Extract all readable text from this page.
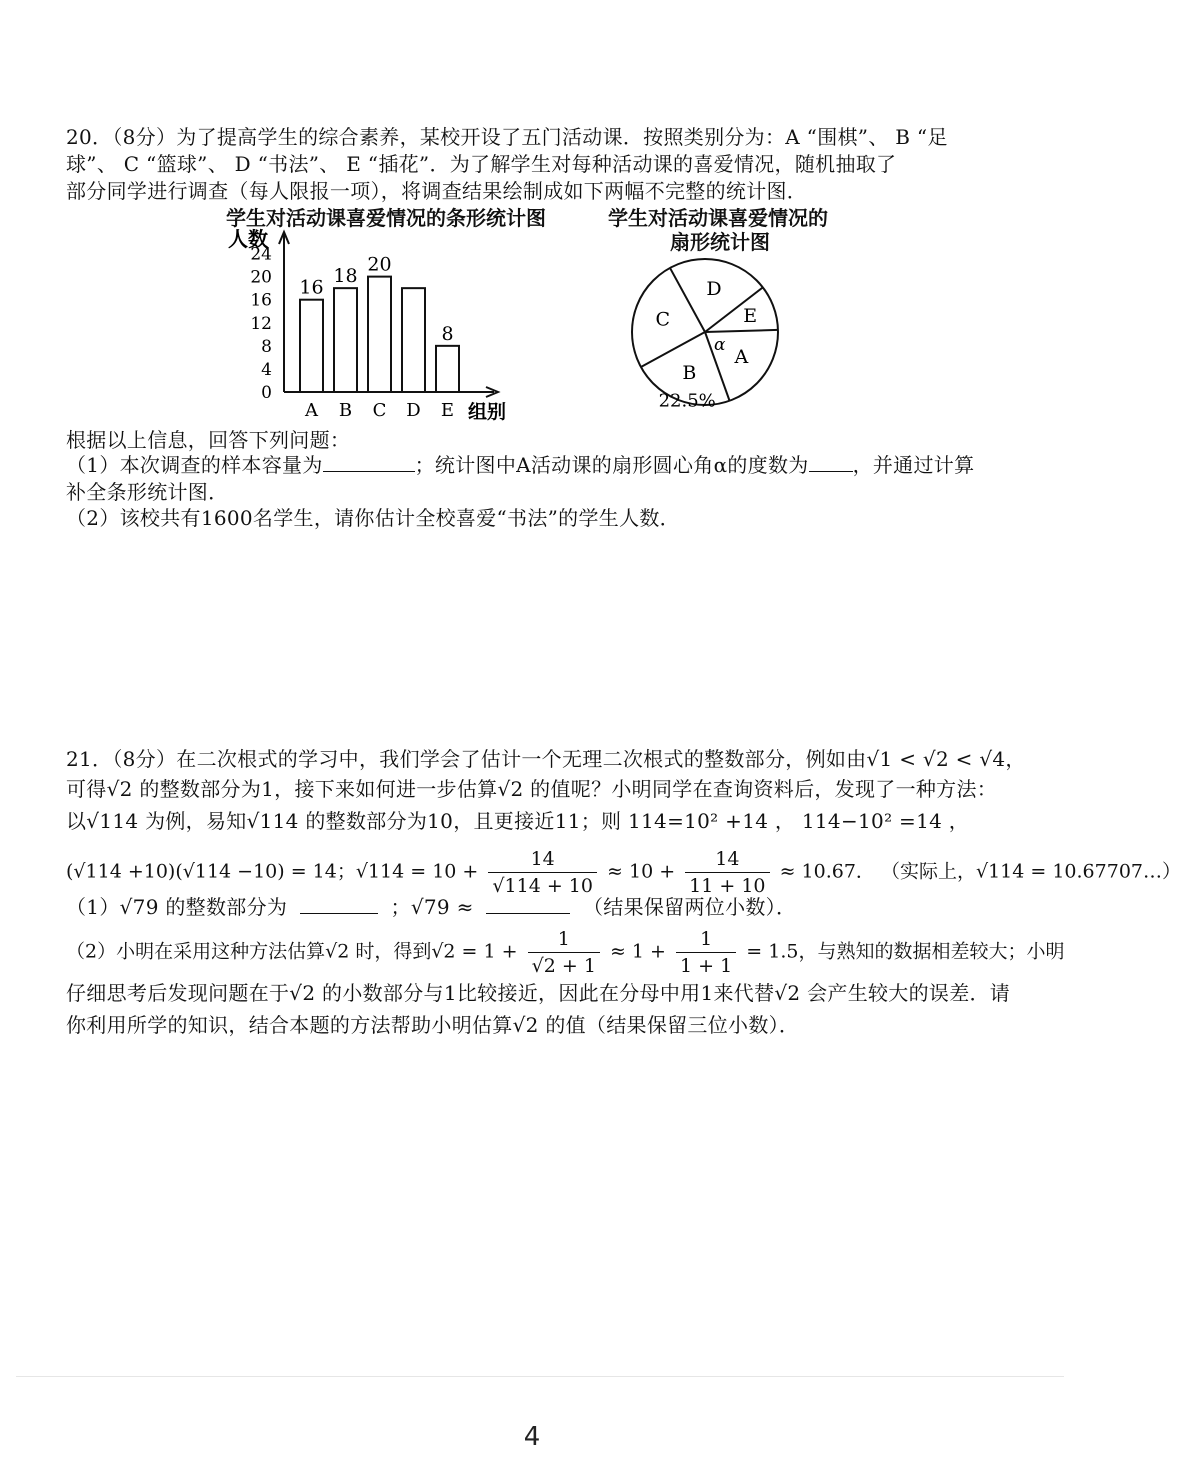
20．（8分）为了提高学生的综合素养，某校开设了五门活动课．按照类别分为：A “围棋”、 B “足
球”、 C “篮球”、 D “书法”、 E “插花”．为了解学生对每种活动课的喜爱情况，随机抽取了
部分同学进行调查（每人限报一项），将调查结果绘制成如下两幅不完整的统计图．
学生对活动课喜爱情况的条形统计图	学生对活动课喜爱情况的
扇形统计图
人数
组别
0
4
8
12
16
20
24
A
16
B
18
C
20
D E
8
D
E
A
B
22.5%
C
α
根据以上信息，回答下列问题：
（1）本次调查的样本容量为	；统计图中A活动课的扇形圆心角α的度数为 ，并通过计算
补全条形统计图．
（2）该校共有1600名学生，请你估计全校喜爱“书法”的学生人数．
21．（8分）在二次根式的学习中，我们学会了估计一个无理二次根式的整数部分，例如由√1 < √2 < √4，
可得√2 的整数部分为1，接下来如何进一步估算√2 的值呢？小明同学在查询资料后，发现了一种方法：
以√114 为例，易知√114 的整数部分为10，且更接近11；则 114=10² +14 ， 114−10² =14 ，
(√114 +10)(√114 −10) = 14；$√114 = 10 + \frac{14}{√114 + 10} \approx 10 + \frac{14}{11 + 10} \approx 10.67$． （实际上，√114 = 10.67707…）
（1）√79 的整数部分为	；√79 ≈	（结果保留两位小数）．
（2）小明在采用这种方法估算√2 时，得到$√2 = 1 + \frac{1}{√2 + 1} \approx 1 + \frac{1}{1 + 1} = 1.5$，与熟知的数据相差较大；小明
仔细思考后发现问题在于√2 的小数部分与1比较接近，因此在分母中用1来代替√2 会产生较大的误差．请
你利用所学的知识，结合本题的方法帮助小明估算√2 的值（结果保留三位小数）．
4
